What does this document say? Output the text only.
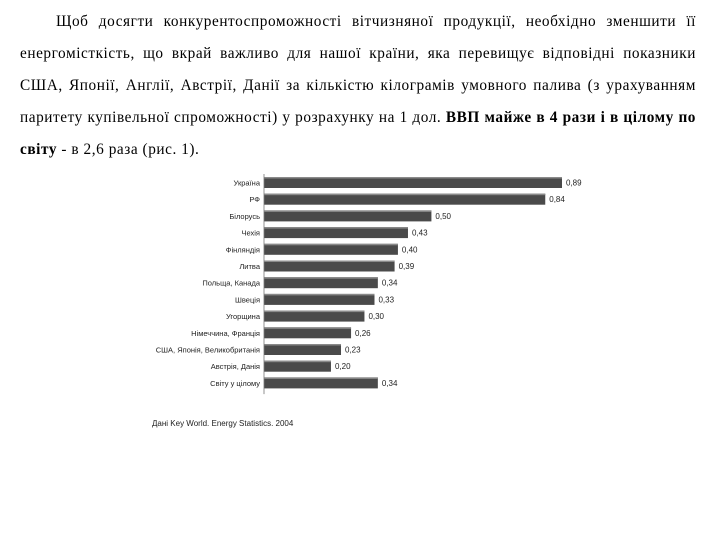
Щоб досягти конкурентоспроможності вітчизняної продукції, необхідно зменшити її енергомісткість, що вкрай важливо для нашої країни, яка перевищує відповідні показники США, Японії, Англії, Австрії, Данії за кількістю кілограмів умовного палива (з урахуванням паритету купівельної спроможності) у розрахунку на 1 дол. ВВП майже в 4 рази і в цілому по світу - в 2,6 раза (рис. 1).

Україна	0,89
РФ	0,84
Білорусь	0,50
Чехія	0,43
Фінляндія	0,40
Литва	0,39
Польща, Канада	0,34
Швеція	0,33
Угорщина	0,30
Німеччина, Франція	0,26
США, Японія, Великобританія	0,23
Австрія, Данія	0,20
Світу у цілому	0,34
Дані Key World. Energy Statistics. 2004
